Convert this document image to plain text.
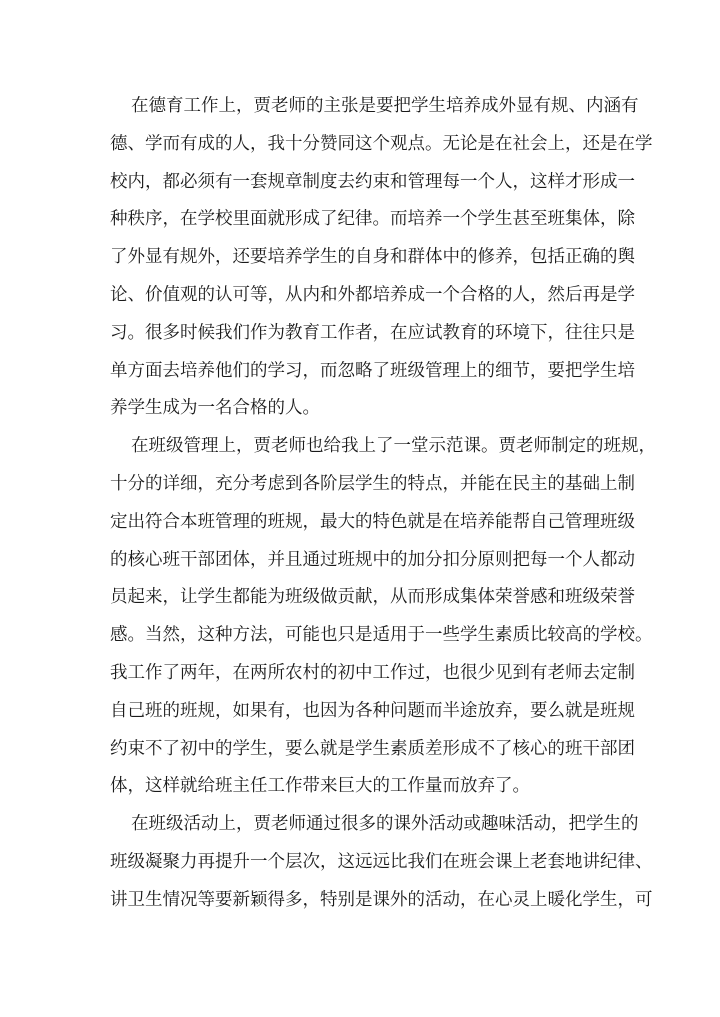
在德育工作上，贾老师的主张是要把学生培养成外显有规、内涵有
德、学而有成的人，我十分赞同这个观点。无论是在社会上，还是在学
校内，都必须有一套规章制度去约束和管理每一个人，这样才形成一
种秩序，在学校里面就形成了纪律。而培养一个学生甚至班集体，除
了外显有规外，还要培养学生的自身和群体中的修养，包括正确的舆
论、价值观的认可等，从内和外都培养成一个合格的人，然后再是学
习。很多时候我们作为教育工作者，在应试教育的环境下，往往只是
单方面去培养他们的学习，而忽略了班级管理上的细节，要把学生培
养学生成为一名合格的人。
在班级管理上，贾老师也给我上了一堂示范课。贾老师制定的班规，
十分的详细，充分考虑到各阶层学生的特点，并能在民主的基础上制
定出符合本班管理的班规，最大的特色就是在培养能帮自己管理班级
的核心班干部团体，并且通过班规中的加分扣分原则把每一个人都动
员起来，让学生都能为班级做贡献，从而形成集体荣誉感和班级荣誉
感。当然，这种方法，可能也只是适用于一些学生素质比较高的学校。
我工作了两年，在两所农村的初中工作过，也很少见到有老师去定制
自己班的班规，如果有，也因为各种问题而半途放弃，要么就是班规
约束不了初中的学生，要么就是学生素质差形成不了核心的班干部团
体，这样就给班主任工作带来巨大的工作量而放弃了。
在班级活动上，贾老师通过很多的课外活动或趣味活动，把学生的
班级凝聚力再提升一个层次，这远远比我们在班会课上老套地讲纪律、
讲卫生情况等要新颖得多，特别是课外的活动，在心灵上暖化学生，可
